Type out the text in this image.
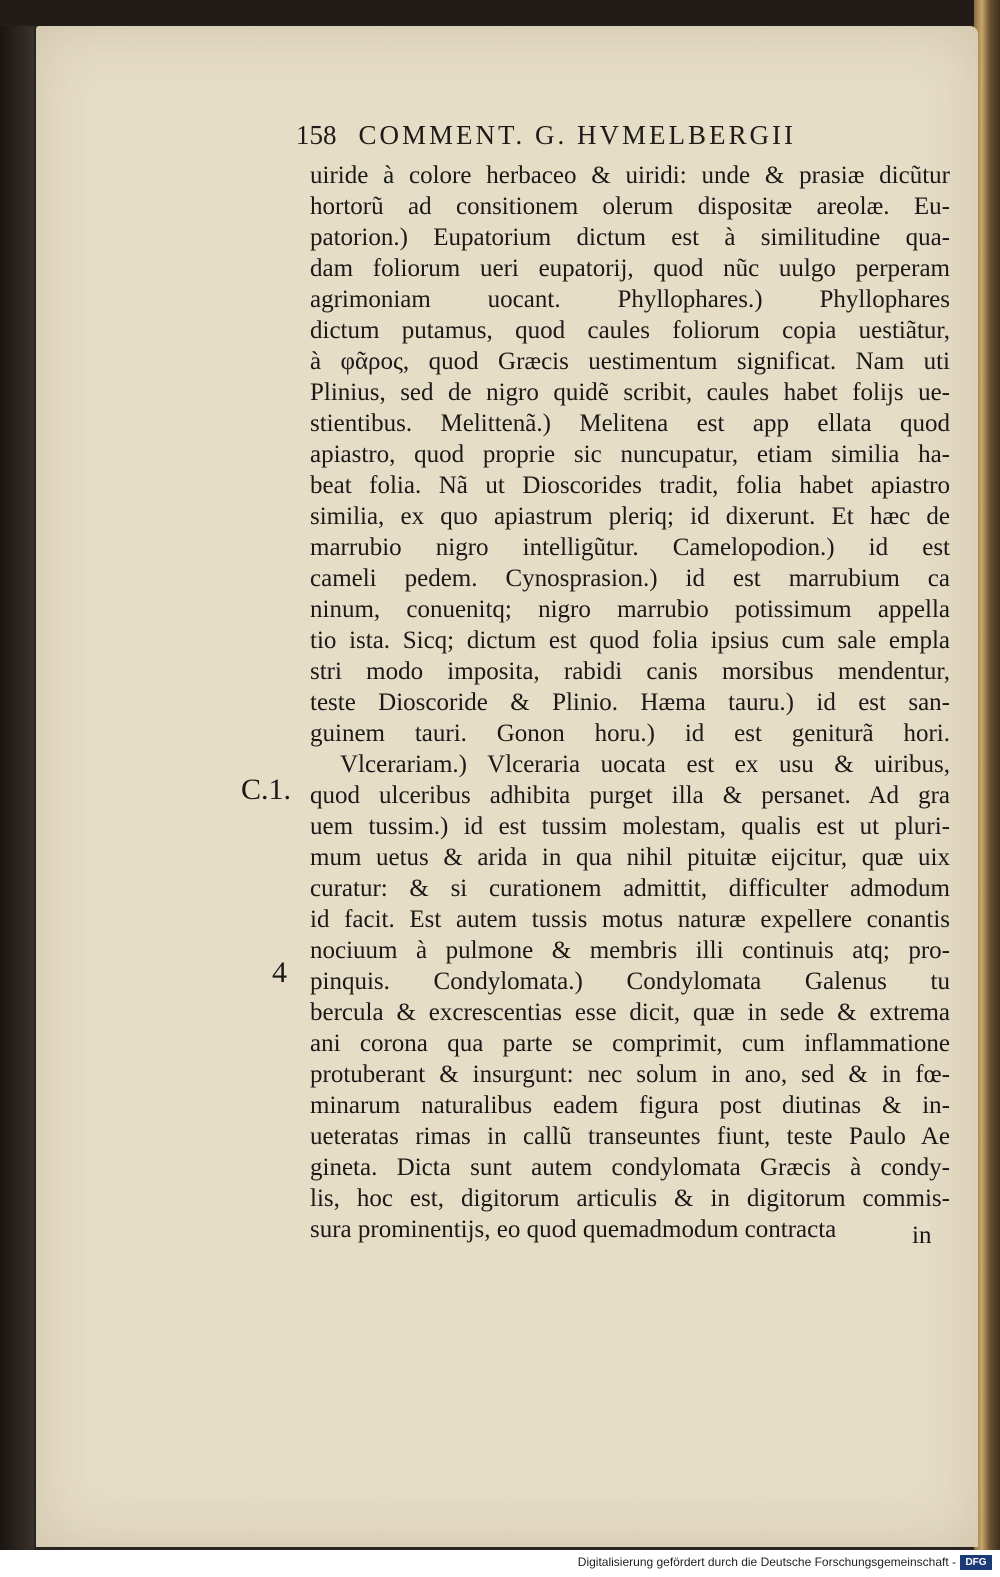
158 COMMENT. G. HVMELBERGII
C.1.
4
uiride à colore herbaceo & uiridi: unde & prasiæ dicũtur
hortorũ ad consitionem olerum dispositæ areolæ. Eu-
patorion.) Eupatorium dictum est à similitudine qua-
dam foliorum ueri eupatorij, quod nũc uulgo perperam
agrimoniam uocant. Phyllophares.) Phyllophares
dictum putamus, quod caules foliorum copia uestiãtur,
à φᾶρος, quod Græcis uestimentum significat. Nam uti
Plinius, sed de nigro quidẽ scribit, caules habet folijs ue-
stientibus. Melittenã.) Melitena est app ellata quod
apiastro, quod proprie sic nuncupatur, etiam similia ha-
beat folia. Nã ut Dioscorides tradit, folia habet apiastro
similia, ex quo apiastrum pleriq; id dixerunt. Et hæc de
marrubio nigro intelligũtur. Camelopodion.) id est
cameli pedem. Cynosprasion.) id est marrubium ca
ninum, conuenitq; nigro marrubio potissimum appella
tio ista. Sicq; dictum est quod folia ipsius cum sale empla
stri modo imposita, rabidi canis morsibus mendentur,
teste Dioscoride & Plinio. Hæma tauru.) id est san-
guinem tauri. Gonon horu.) id est geniturã hori.
Vlcerariam.) Vlceraria uocata est ex usu & uiribus,
quod ulceribus adhibita purget illa & persanet. Ad gra
uem tussim.) id est tussim molestam, qualis est ut pluri-
mum uetus & arida in qua nihil pituitæ eijcitur, quæ uix
curatur: & si curationem admittit, difficulter admodum
id facit. Est autem tussis motus naturæ expellere conantis
nociuum à pulmone & membris illi continuis atq; pro-
pinquis. Condylomata.) Condylomata Galenus tu
bercula & excrescentias esse dicit, quæ in sede & extrema
ani corona qua parte se comprimit, cum inflammatione
protuberant & insurgunt: nec solum in ano, sed & in fœ-
minarum naturalibus eadem figura post diutinas & in-
ueteratas rimas in callũ transeuntes fiunt, teste Paulo Ae
gineta. Dicta sunt autem condylomata Græcis à condy-
lis, hoc est, digitorum articulis & in digitorum commis-
sura prominentijs, eo quod quemadmodum contracta	in
Digitalisierung gefördert durch die Deutsche Forschungsgemeinschaft - DFG
